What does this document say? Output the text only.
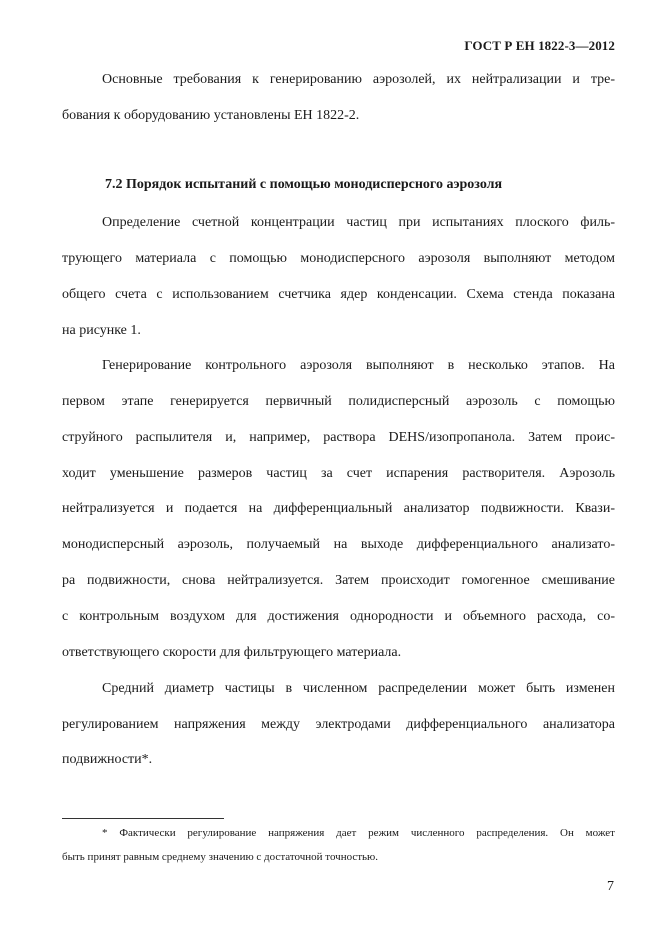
ГОСТ Р ЕН 1822-3—2012
Основные требования к генерированию аэрозолей, их нейтрализации и тре-
бования к оборудованию установлены ЕН 1822-2.
7.2 Порядок испытаний с помощью монодисперсного аэрозоля
Определение счетной концентрации частиц при испытаниях плоского филь-
трующего материала с помощью монодисперсного аэрозоля выполняют методом
общего счета с использованием счетчика ядер конденсации. Схема стенда показана
на рисунке 1.
Генерирование контрольного аэрозоля выполняют в несколько этапов. На
первом этапе генерируется первичный полидисперсный аэрозоль с помощью
струйного распылителя и, например, раствора DEHS/изопропанола. Затем проис-
ходит уменьшение размеров частиц за счет испарения растворителя. Аэрозоль
нейтрализуется и подается на дифференциальный анализатор подвижности. Квази-
монодисперсный аэрозоль, получаемый на выходе дифференциального анализато-
ра подвижности, снова нейтрализуется. Затем происходит гомогенное смешивание
с контрольным воздухом для достижения однородности и объемного расхода, со-
ответствующего скорости для фильтрующего материала.
Средний диаметр частицы в численном распределении может быть изменен
регулированием напряжения между электродами дифференциального анализатора
подвижности*.
* Фактически регулирование напряжения дает режим численного распределения. Он может
быть принят равным среднему значению с достаточной точностью.
7
